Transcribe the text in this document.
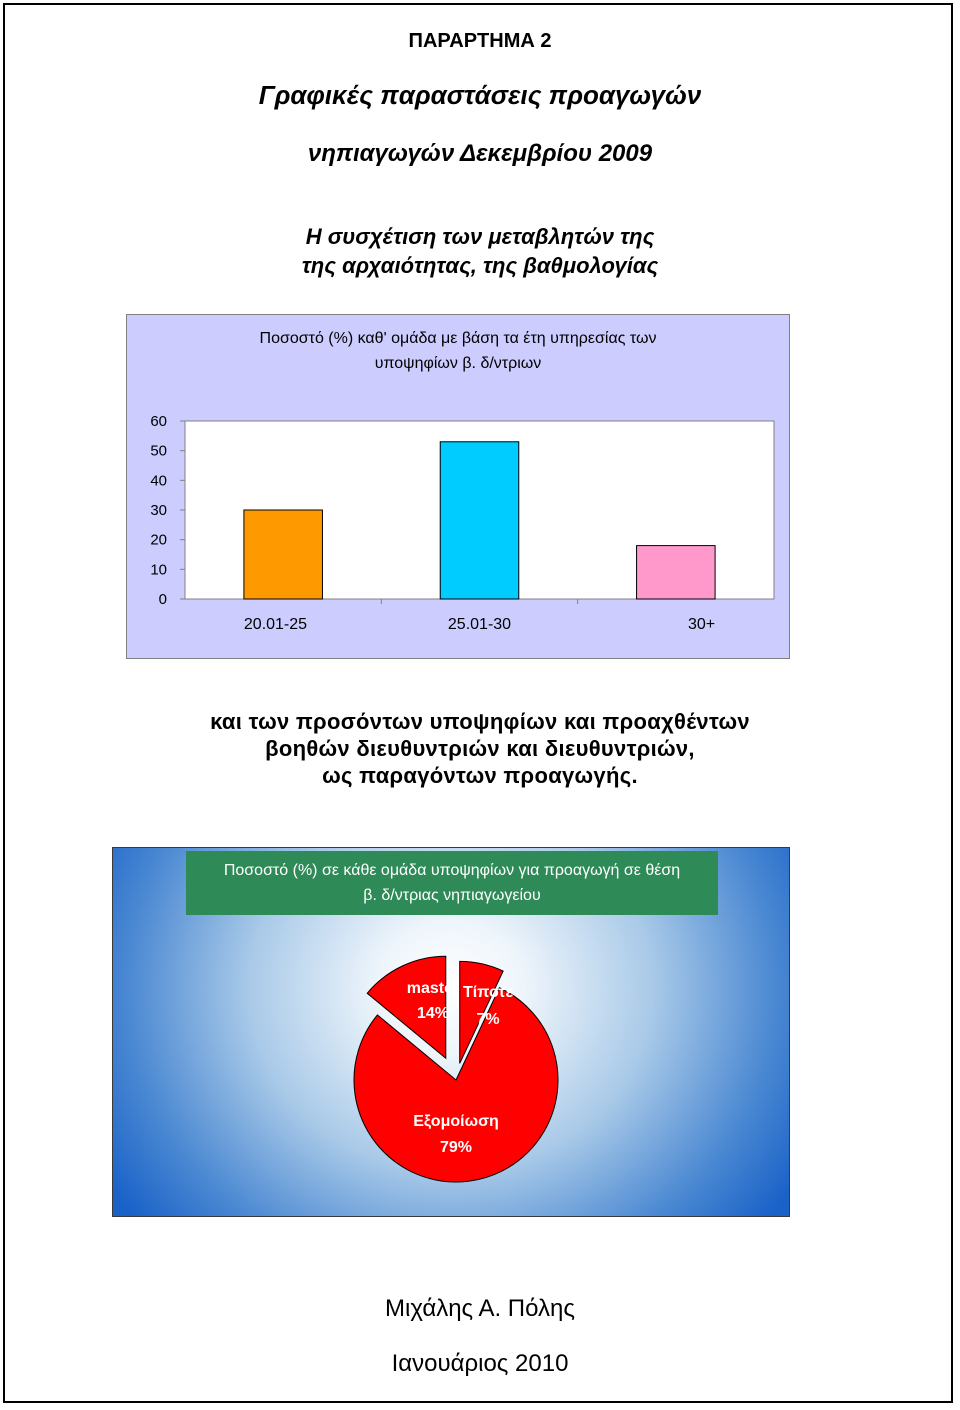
ΠΑΡΑΡΤΗΜΑ 2

Γραφικές παραστάσεις προαγωγών

νηπιαγωγών Δεκεμβρίου 2009

Η συσχέτιση των μεταβλητών της
της αρχαιότητας, της βαθμολογίας
Ποσοστό (%) καθ' ομάδα με βάση τα έτη υπηρεσίας των
υποψηφίων β. δ/ντριων
0
10
20
30
40
50
60
20.01-25	25.01-30	30+
και των προσόντων υποψηφίων και προαχθέντων
βοηθών διευθυντριών και διευθυντριών,
ως παραγόντων προαγωγής.
Ποσοστό (%) σε κάθε ομάδα υποψηφίων για προαγωγή σε θέση
β. δ/ντριας νηπιαγωγείου
Τίποτε
7%
Εξομοίωση
79%
master
14%

Μιχάλης Α. Πόλης

Ιανουάριος 2010
